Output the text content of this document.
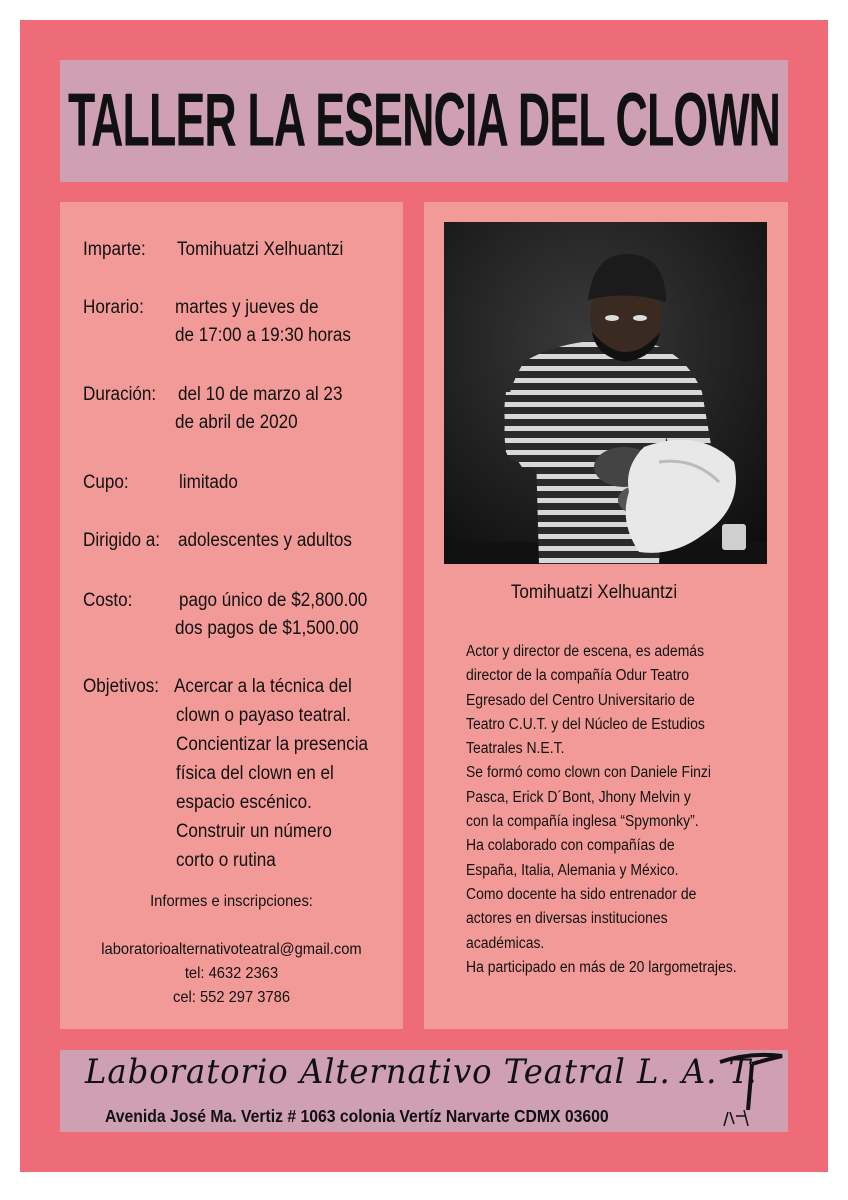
TALLER LA ESENCIA DEL CLOWN
Imparte: Tomihuatzi Xelhuantzi
Horario: martes y jueves de
de 17:00 a 19:30 horas
Duración: del 10 de marzo al 23
de abril de 2020
Cupo:	limitado
Dirigido a: adolescentes y adultos
Costo: pago único de $2,800.00
dos pagos de $1,500.00
Objetivos: Acercar a la técnica del
clown o payaso teatral.
Concientizar la presencia
física del clown en el
espacio escénico.
Construir un número
corto o rutina
Informes e inscripciones:
laboratorioalternativoteatral@gmail.com
tel: 4632 2363
cel: 552 297 3786
Tomihuatzi Xelhuantzi
Actor y director de escena, es además
director de la compañía Odur Teatro
Egresado del Centro Universitario de
Teatro C.U.T. y del Núcleo de Estudios
Teatrales N.E.T.
Se formó como clown con Daniele Finzi
Pasca, Erick D´Bont, Jhony Melvin y
con la compañía inglesa “Spymonky”.
Ha colaborado con compañías de
España, Italia, Alemania y México.
Como docente ha sido entrenador de
actores en diversas instituciones
académicas.
Ha participado en más de 20 largometrajes.
Laboratorio Alternativo Teatral L. A. T.
Avenida José Ma. Vertiz # 1063 colonia Vertíz Narvarte CDMX 03600
